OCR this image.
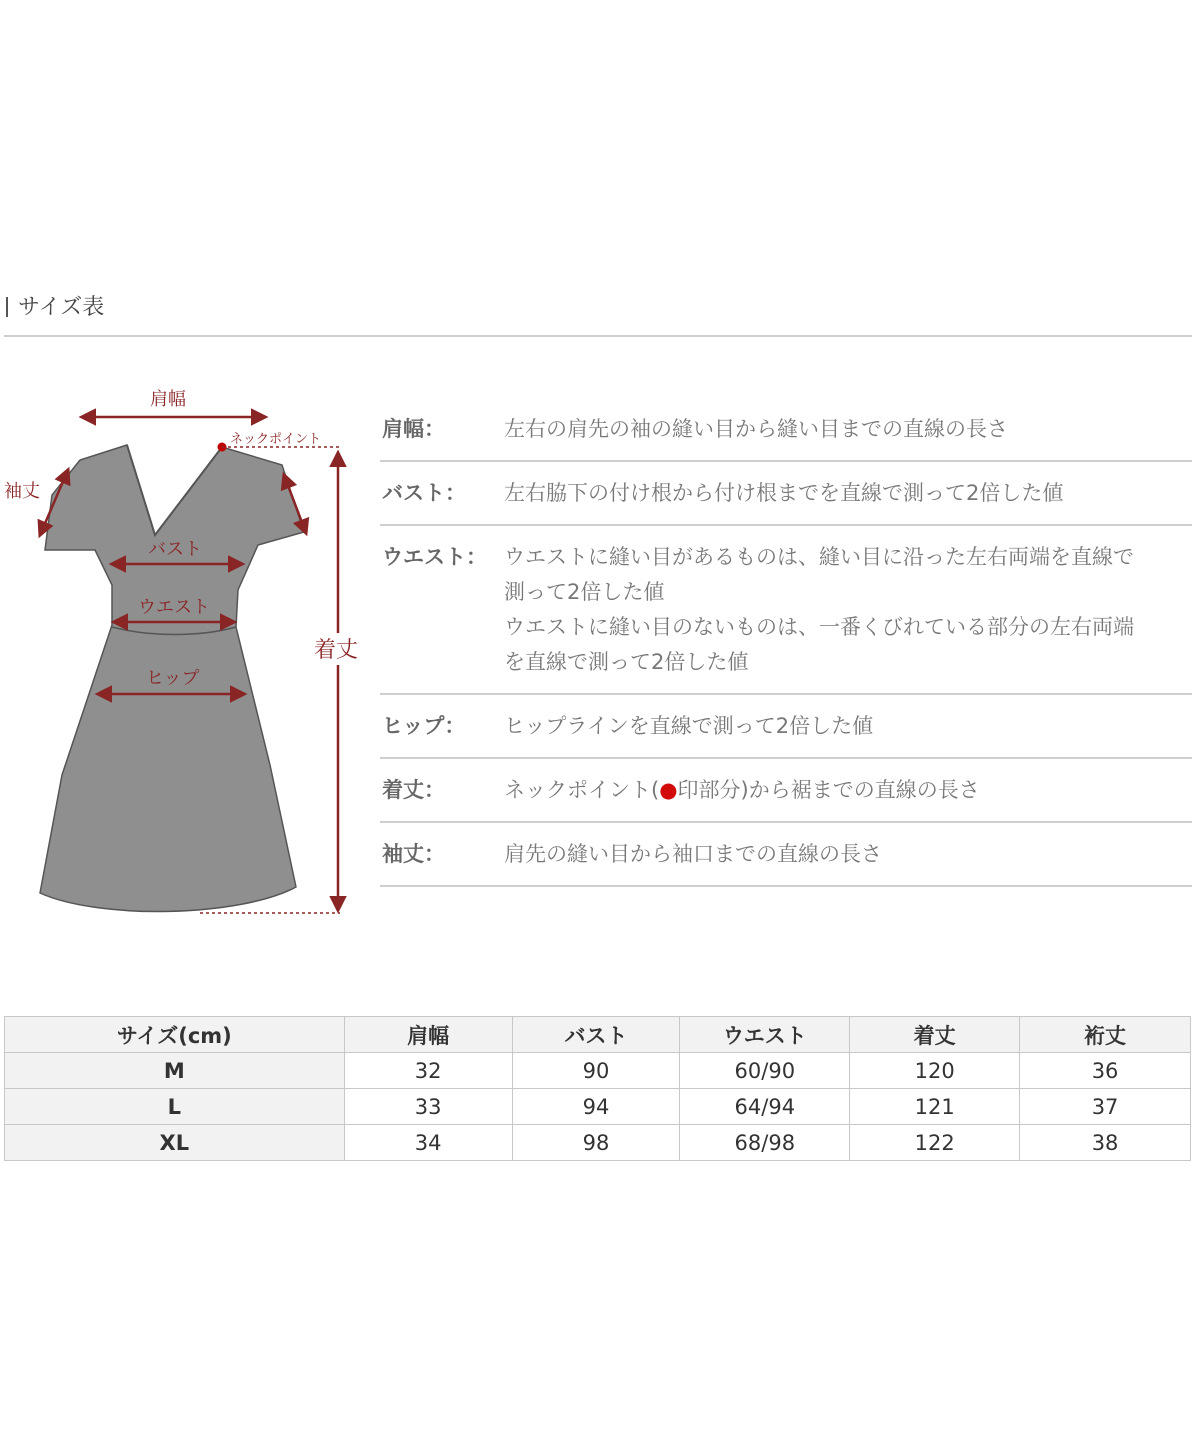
サイズ表
肩幅
ネックポイント
袖丈
バスト
ウエスト
ヒップ
着丈
肩幅：	左右の肩先の袖の縫い目から縫い目までの直線の長さ
バスト：	左右脇下の付け根から付け根までを直線で測って2倍した値
ウエスト： ウエストに縫い目があるものは、縫い目に沿った左右両端を直線で
測って2倍した値
ウエストに縫い目のないものは、一番くびれている部分の左右両端
を直線で測って2倍した値
ヒップ：	ヒップラインを直線で測って2倍した値
着丈：	ネックポイント(●印部分)から裾までの直線の長さ
袖丈：	肩先の縫い目から袖口までの直線の長さ
サイズ(cm)	肩幅	バスト	ウエスト	着丈	裄丈
M	32	90	60/90	120	36
L	33	94	64/94	121	37
XL	34	98	68/98	122	38
